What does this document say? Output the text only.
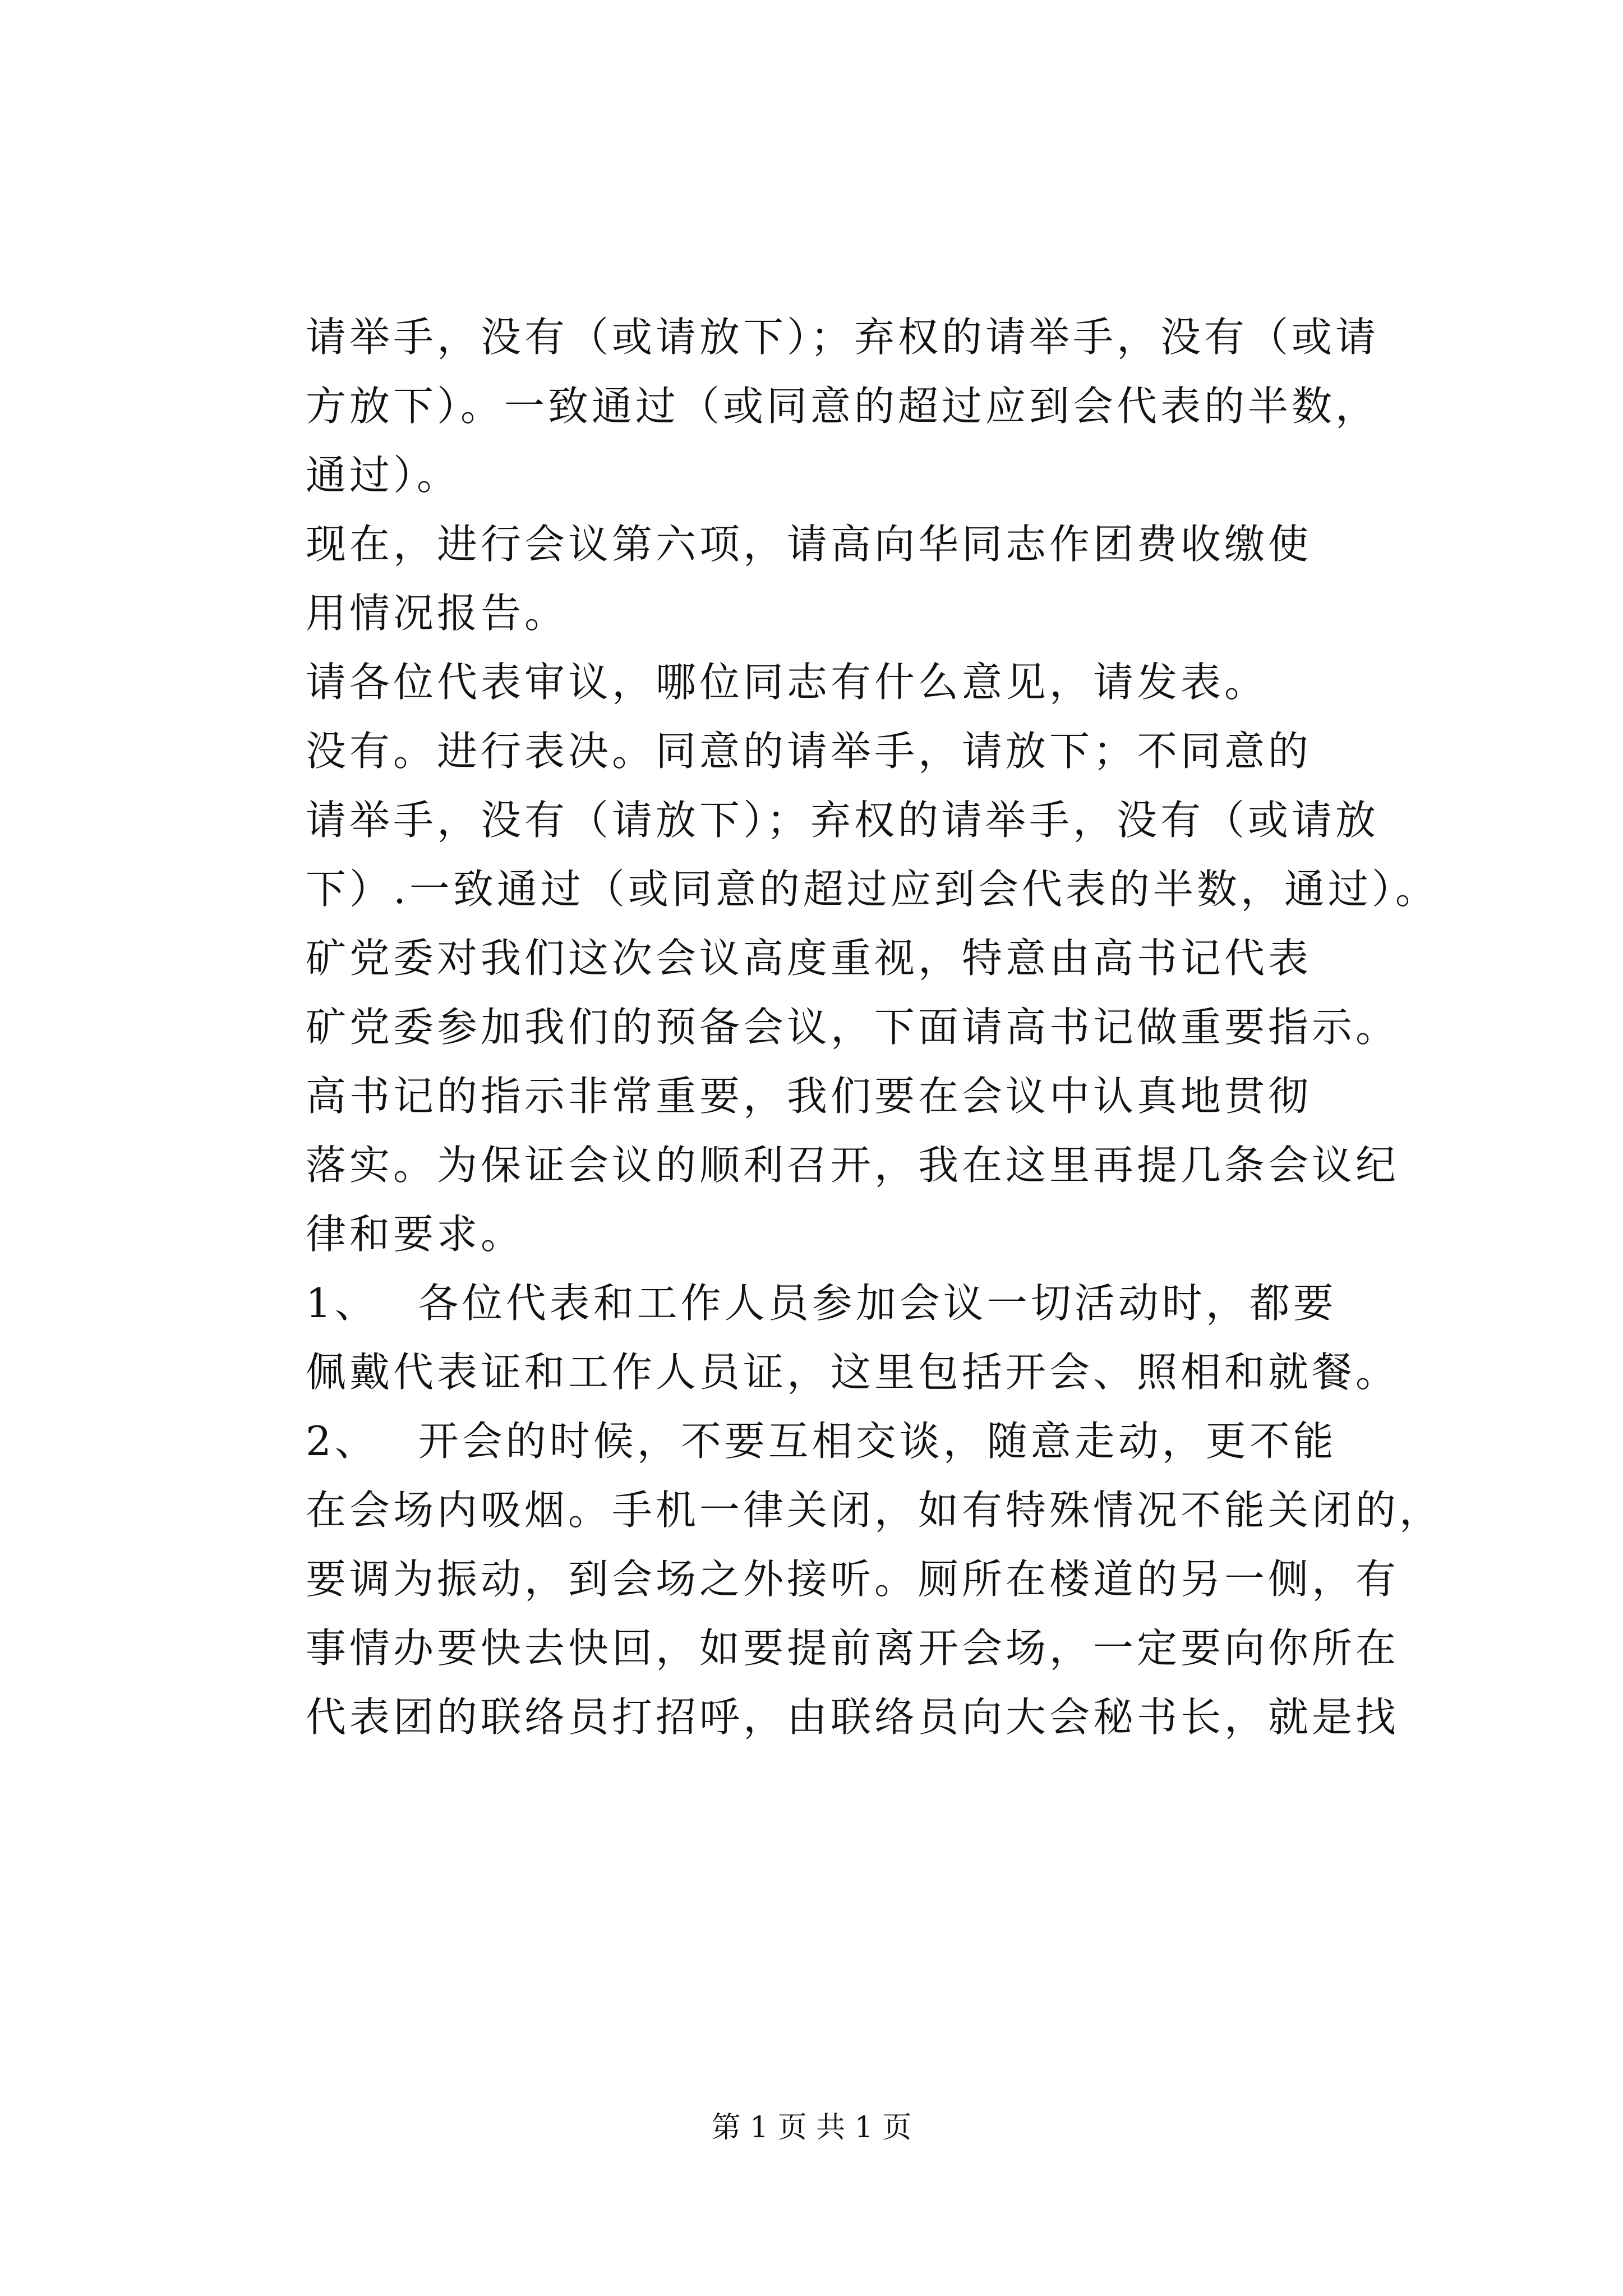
请举手，没有（或请放下）；弃权的请举手，没有（或请
方放下）。一致通过（或同意的超过应到会代表的半数，
通过）。
现在，进行会议第六项，请高向华同志作团费收缴使
用情况报告。
请各位代表审议，哪位同志有什么意见，请发表。
没有。进行表决。同意的请举手，请放下；不同意的
请举手，没有（请放下）；弃权的请举手，没有（或请放
下）.一致通过（或同意的超过应到会代表的半数，通过）。
矿党委对我们这次会议高度重视，特意由高书记代表
矿党委参加我们的预备会议，下面请高书记做重要指示。
高书记的指示非常重要，我们要在会议中认真地贯彻
落实。为保证会议的顺利召开，我在这里再提几条会议纪
律和要求。
1、　 各位代表和工作人员参加会议一切活动时，都要
佩戴代表证和工作人员证，这里包括开会、照相和就餐。
2、　 开会的时候，不要互相交谈，随意走动，更不能
在会场内吸烟。手机一律关闭，如有特殊情况不能关闭的，
要调为振动，到会场之外接听。厕所在楼道的另一侧，有
事情办要快去快回，如要提前离开会场，一定要向你所在
代表团的联络员打招呼，由联络员向大会秘书长，就是找
第 1 页 共 1 页
